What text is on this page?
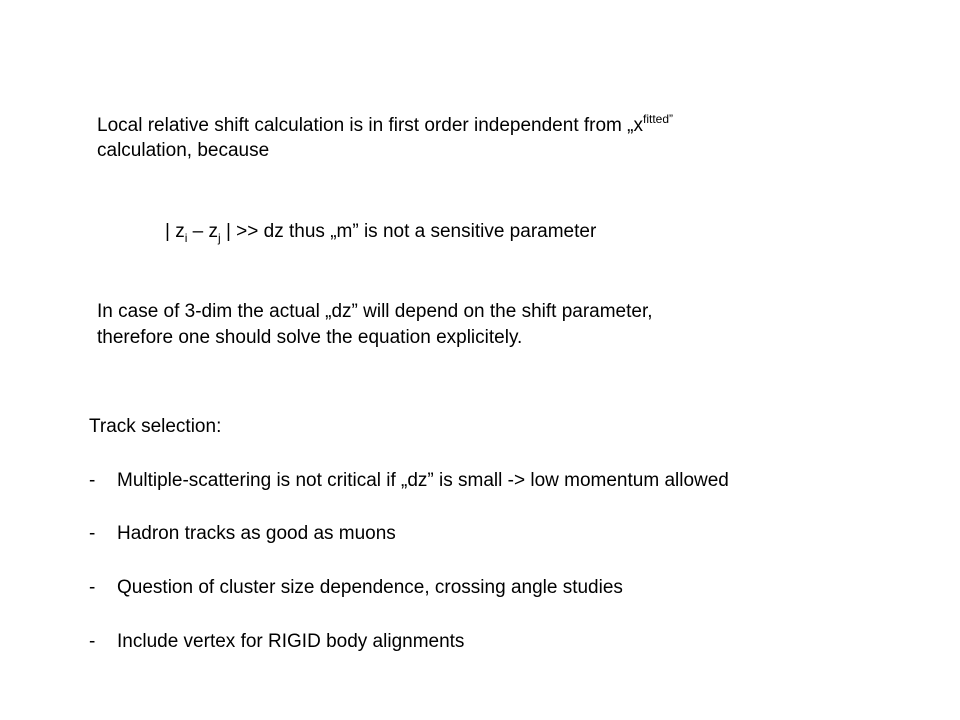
Local relative shift calculation is in first order independent from $„x^{fitted”}$
calculation, because
| $z_i - z_j$ | >> dz thus „m” is not a sensitive parameter
In case of 3-dim the actual „dz” will depend on the shift parameter,
therefore one should solve the equation explicitely.
Track selection:
- Multiple-scattering is not critical if „dz” is small -> low momentum allowed
- Hadron tracks as good as muons
- Question of cluster size dependence, crossing angle studies
- Include vertex for RIGID body alignments
